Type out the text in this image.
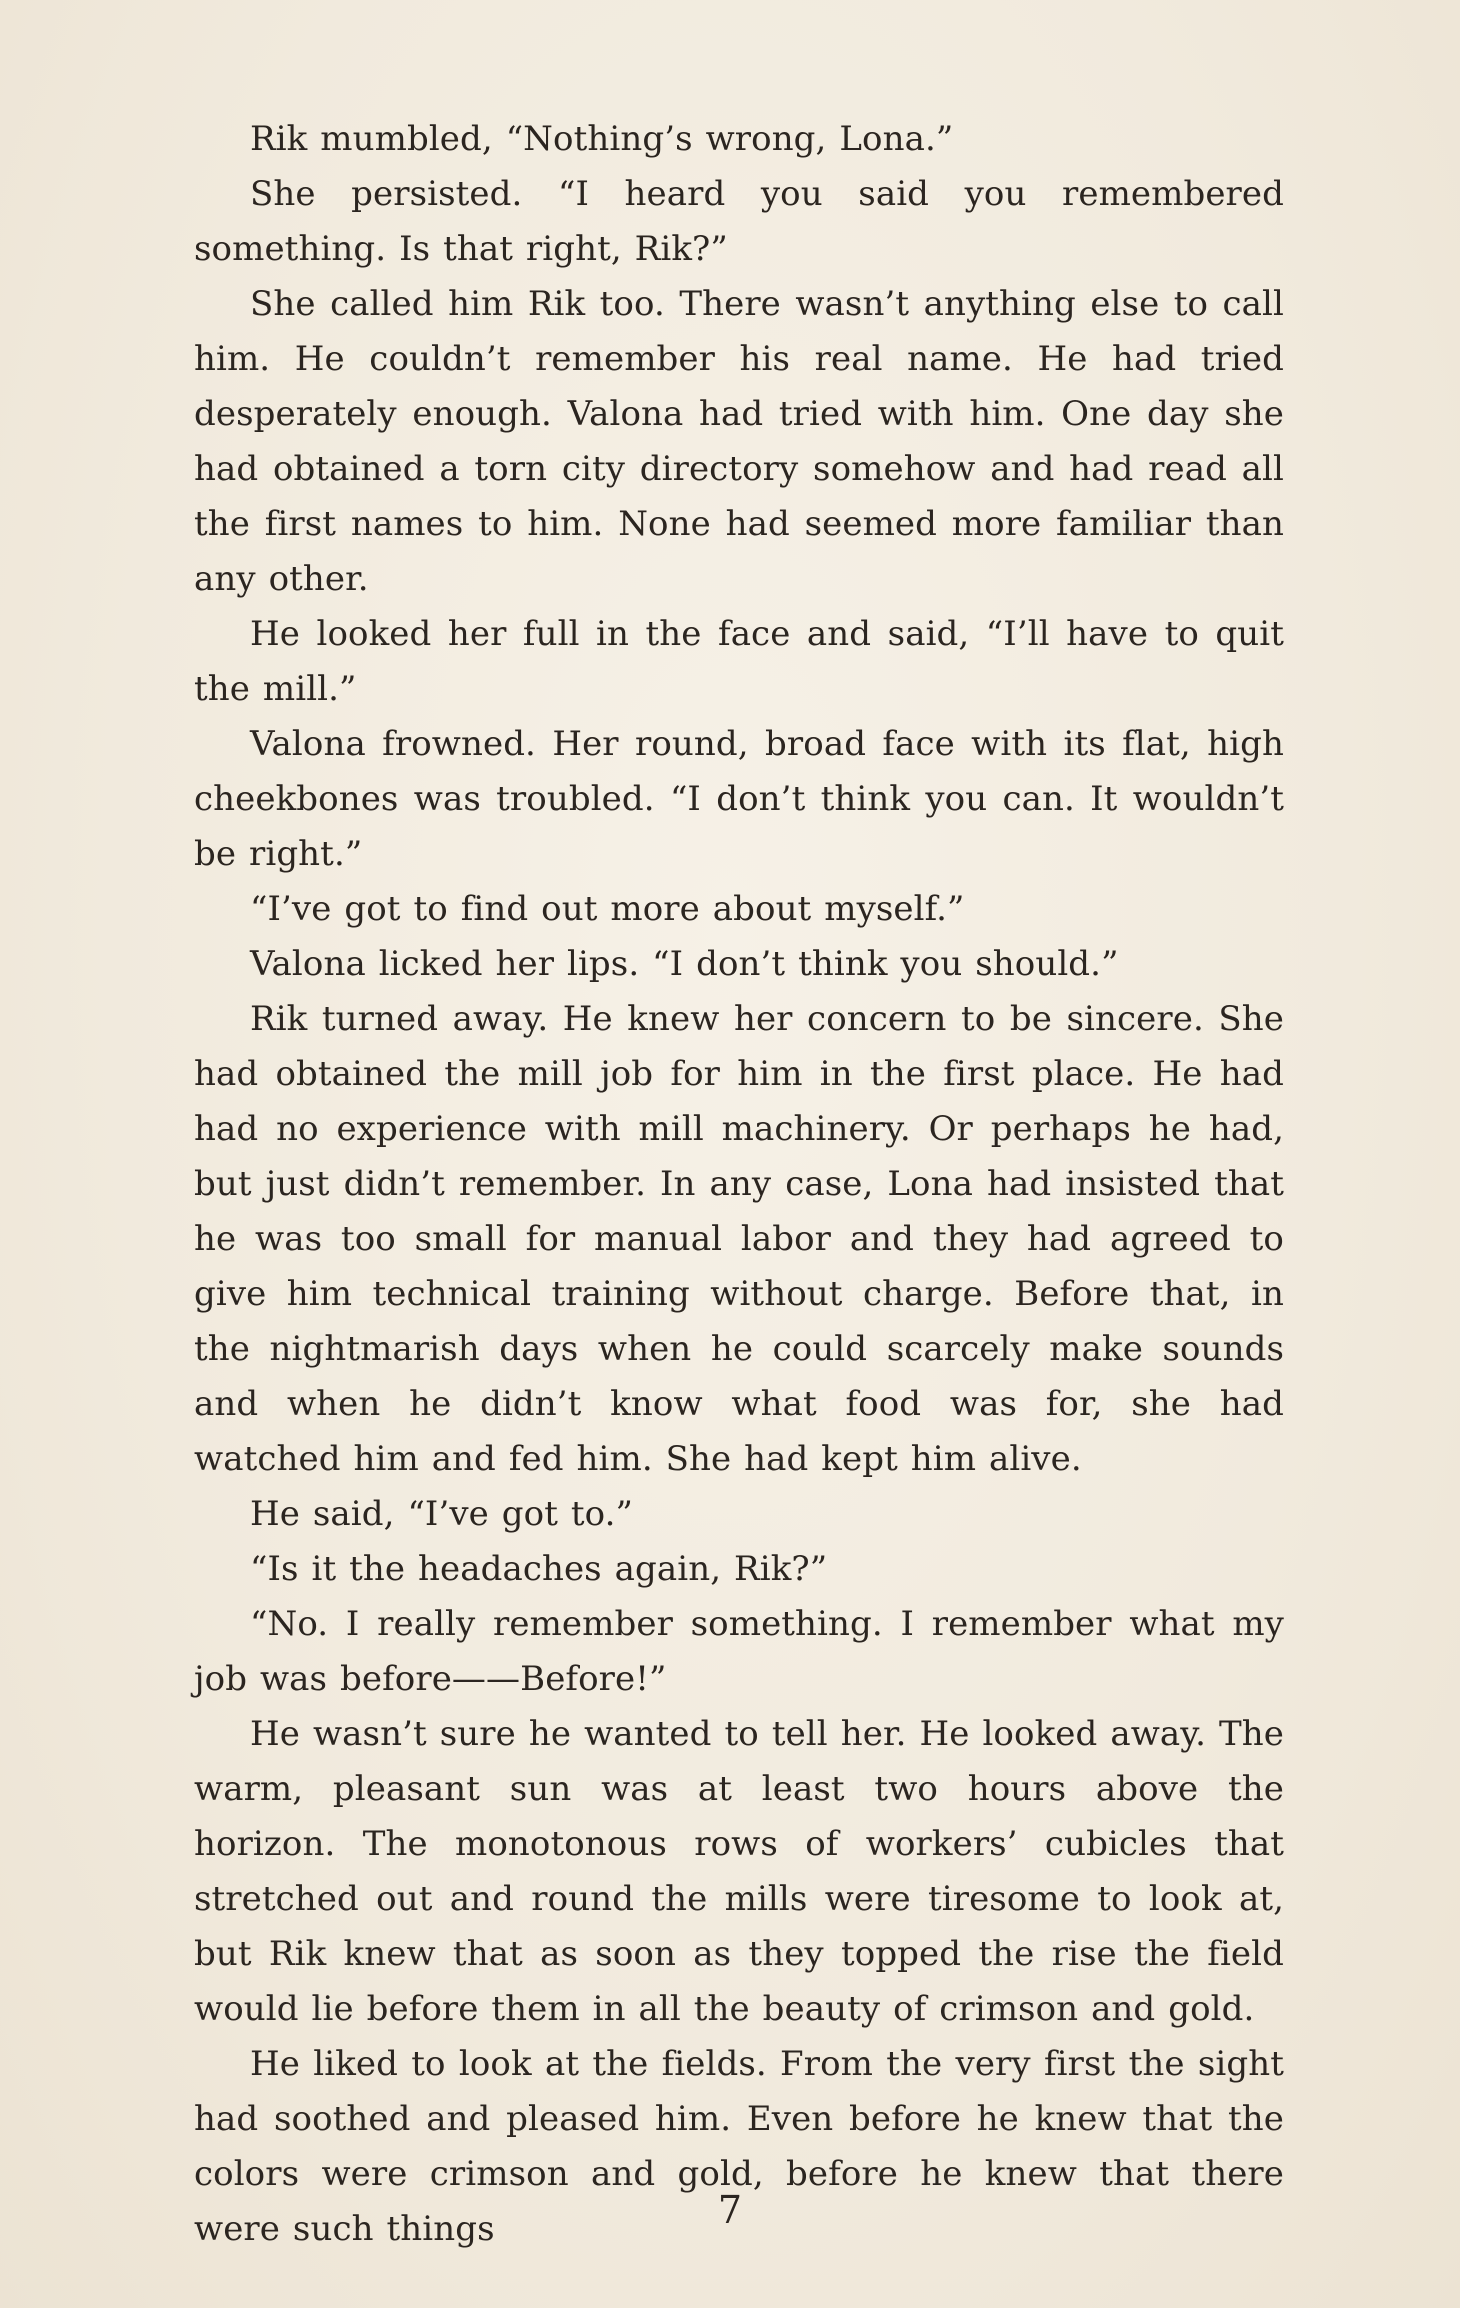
Rik mumbled, “Nothing’s wrong, Lona.”

She persisted. “I heard you said you remembered something. Is that right, Rik?”

She called him Rik too. There wasn’t anything else to call him. He couldn’t remember his real name. He had tried desperately enough. Valona had tried with him. One day she had obtained a torn city directory somehow and had read all the first names to him. None had seemed more familiar than any other.

He looked her full in the face and said, “I’ll have to quit the mill.”

Valona frowned. Her round, broad face with its flat, high cheekbones was troubled. “I don’t think you can. It wouldn’t be right.”

“I’ve got to find out more about myself.”

Valona licked her lips. “I don’t think you should.”

Rik turned away. He knew her concern to be sincere. She had obtained the mill job for him in the first place. He had had no experience with mill machinery. Or perhaps he had, but just didn’t remember. In any case, Lona had insisted that he was too small for manual labor and they had agreed to give him technical training without charge. Before that, in the nightmarish days when he could scarcely make sounds and when he didn’t know what food was for, she had watched him and fed him. She had kept him alive.

He said, “I’ve got to.”

“Is it the headaches again, Rik?”

“No. I really remember something. I remember what my job was before——Before!”

He wasn’t sure he wanted to tell her. He looked away. The warm, pleasant sun was at least two hours above the horizon. The monotonous rows of workers’ cubicles that stretched out and round the mills were tiresome to look at, but Rik knew that as soon as they topped the rise the field would lie before them in all the beauty of crimson and gold.

He liked to look at the fields. From the very first the sight had soothed and pleased him. Even before he knew that the colors were crimson and gold, before he knew that there were such things	7
